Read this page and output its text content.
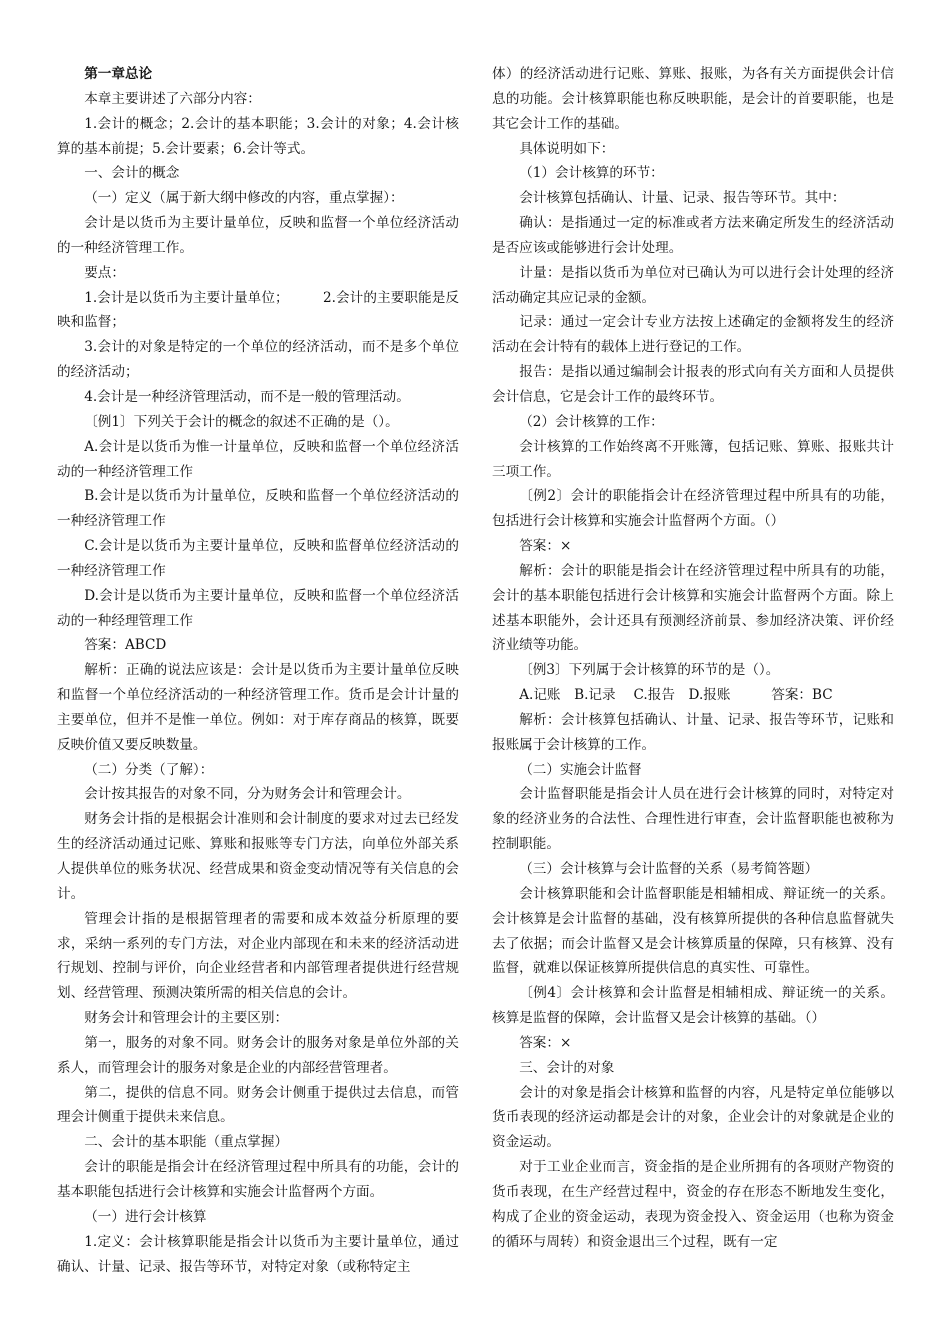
第一章总论

本章主要讲述了六部分内容：

1.会计的概念；2.会计的基本职能；3.会计的对象；4.会计核算的基本前提；5.会计要素；6.会计等式。

一、会计的概念

（一）定义（属于新大纲中修改的内容，重点掌握）：

会计是以货币为主要计量单位，反映和监督一个单位经济活动的一种经济管理工作。

要点：

1.会计是以货币为主要计量单位；　　　2.会计的主要职能是反映和监督；

3.会计的对象是特定的一个单位的经济活动，而不是多个单位的经济活动；

4.会计是一种经济管理活动，而不是一般的管理活动。

〔例1〕下列关于会计的概念的叙述不正确的是（）。

A.会计是以货币为惟一计量单位，反映和监督一个单位经济活动的一种经济管理工作

B.会计是以货币为计量单位，反映和监督一个单位经济活动的一种经济管理工作

C.会计是以货币为主要计量单位，反映和监督单位经济活动的一种经济管理工作

D.会计是以货币为主要计量单位，反映和监督一个单位经济活动的一种经理管理工作

答案：ABCD

解析：正确的说法应该是：会计是以货币为主要计量单位反映和监督一个单位经济活动的一种经济管理工作。货币是会计计量的主要单位，但并不是惟一单位。例如：对于库存商品的核算，既要反映价值又要反映数量。

（二）分类（了解）：

会计按其报告的对象不同，分为财务会计和管理会计。

财务会计指的是根据会计准则和会计制度的要求对过去已经发生的经济活动通过记账、算账和报账等专门方法，向单位外部关系人提供单位的账务状况、经营成果和资金变动情况等有关信息的会计。

管理会计指的是根据管理者的需要和成本效益分析原理的要求，采纳一系列的专门方法，对企业内部现在和未来的经济活动进行规划、控制与评价，向企业经营者和内部管理者提供进行经营规划、经营管理、预测决策所需的相关信息的会计。

财务会计和管理会计的主要区别：

第一，服务的对象不同。财务会计的服务对象是单位外部的关系人，而管理会计的服务对象是企业的内部经营管理者。

第二，提供的信息不同。财务会计侧重于提供过去信息，而管理会计侧重于提供未来信息。

二、会计的基本职能（重点掌握）

会计的职能是指会计在经济管理过程中所具有的功能，会计的基本职能包括进行会计核算和实施会计监督两个方面。

（一）进行会计核算

1.定义：会计核算职能是指会计以货币为主要计量单位，通过确认、计量、记录、报告等环节，对特定对象（或称特定主

体）的经济活动进行记账、算账、报账，为各有关方面提供会计信息的功能。会计核算职能也称反映职能，是会计的首要职能，也是其它会计工作的基础。

具体说明如下：

（1）会计核算的环节：

会计核算包括确认、计量、记录、报告等环节。其中：

确认：是指通过一定的标准或者方法来确定所发生的经济活动是否应该或能够进行会计处理。

计量：是指以货币为单位对已确认为可以进行会计处理的经济活动确定其应记录的金额。

记录：通过一定会计专业方法按上述确定的金额将发生的经济活动在会计特有的载体上进行登记的工作。

报告：是指以通过编制会计报表的形式向有关方面和人员提供会计信息，它是会计工作的最终环节。

（2）会计核算的工作：

会计核算的工作始终离不开账簿，包括记账、算账、报账共计三项工作。

〔例2〕会计的职能指会计在经济管理过程中所具有的功能，包括进行会计核算和实施会计监督两个方面。（）

答案：×

解析：会计的职能是指会计在经济管理过程中所具有的功能，会计的基本职能包括进行会计核算和实施会计监督两个方面。除上述基本职能外，会计还具有预测经济前景、参加经济决策、评价经济业绩等功能。

〔例3〕下列属于会计核算的环节的是（）。

A.记账　B.记录　 C.报告　D.报账　　　答案：BC

解析：会计核算包括确认、计量、记录、报告等环节，记账和报账属于会计核算的工作。

（二）实施会计监督

会计监督职能是指会计人员在进行会计核算的同时，对特定对象的经济业务的合法性、合理性进行审查，会计监督职能也被称为控制职能。

（三）会计核算与会计监督的关系（易考简答题）

会计核算职能和会计监督职能是相辅相成、辩证统一的关系。会计核算是会计监督的基础，没有核算所提供的各种信息监督就失去了依据；而会计监督又是会计核算质量的保障，只有核算、没有监督，就难以保证核算所提供信息的真实性、可靠性。

〔例4〕会计核算和会计监督是相辅相成、辩证统一的关系。核算是监督的保障，会计监督又是会计核算的基础。（）

答案：×

三、会计的对象

会计的对象是指会计核算和监督的内容，凡是特定单位能够以货币表现的经济运动都是会计的对象，企业会计的对象就是企业的资金运动。

对于工业企业而言，资金指的是企业所拥有的各项财产物资的货币表现，在生产经营过程中，资金的存在形态不断地发生变化，构成了企业的资金运动，表现为资金投入、资金运用（也称为资金的循环与周转）和资金退出三个过程，既有一定
